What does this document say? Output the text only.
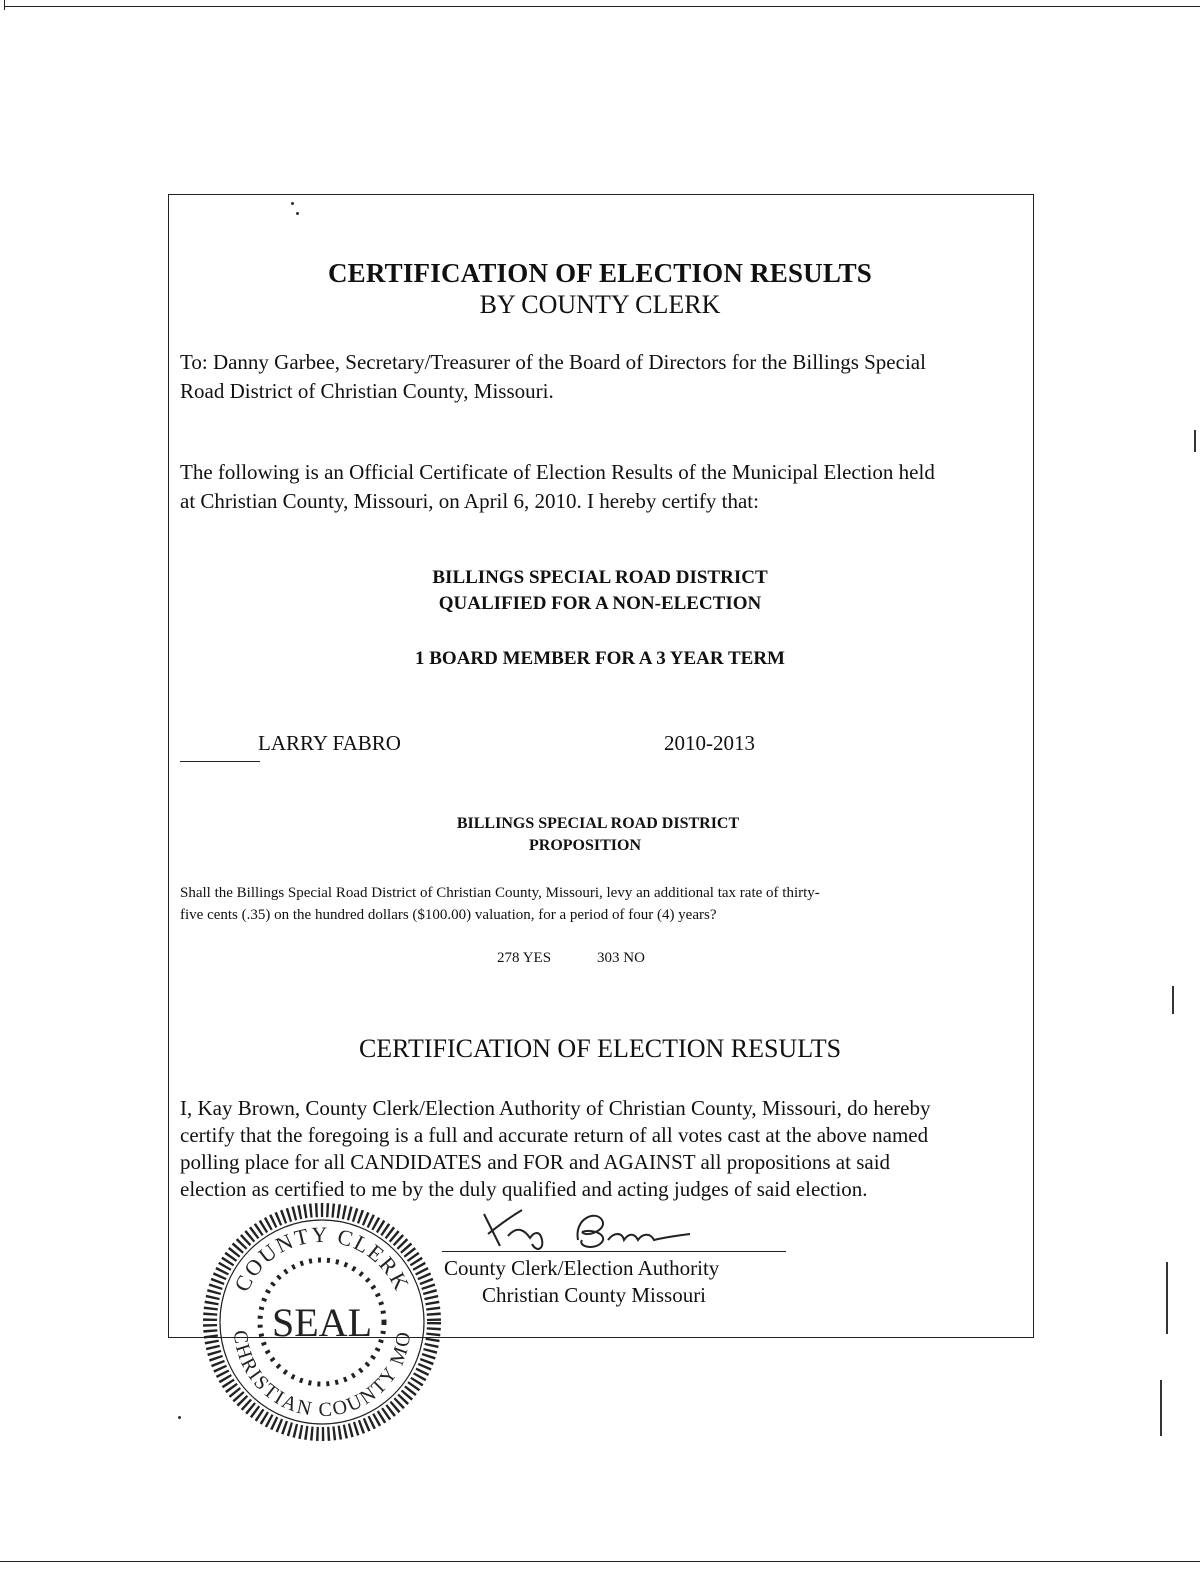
CERTIFICATION OF ELECTION RESULTS
BY COUNTY CLERK
To: Danny Garbee, Secretary/Treasurer of the Board of Directors for the Billings Special
Road District of Christian County, Missouri.
The following is an Official Certificate of Election Results of the Municipal Election held
at Christian County, Missouri, on April 6, 2010. I hereby certify that:
BILLINGS SPECIAL ROAD DISTRICT
QUALIFIED FOR A NON-ELECTION
1 BOARD MEMBER FOR A 3 YEAR TERM
LARRY FABRO	2010-2013
BILLINGS SPECIAL ROAD DISTRICT
PROPOSITION
Shall the Billings Special Road District of Christian County, Missouri, levy an additional tax rate of thirty-
five cents (.35) on the hundred dollars ($100.00) valuation, for a period of four (4) years?
278 YES	303 NO
CERTIFICATION OF ELECTION RESULTS
I, Kay Brown, County Clerk/Election Authority of Christian County, Missouri, do hereby
certify that the foregoing is a full and accurate return of all votes cast at the above named
polling place for all CANDIDATES and FOR and AGAINST all propositions at said
election as certified to me by the duly qualified and acting judges of said election.
County Clerk/Election Authority
Christian County Missouri
COUNTY CLERK
CHRISTIAN COUNTY MO
SEAL
